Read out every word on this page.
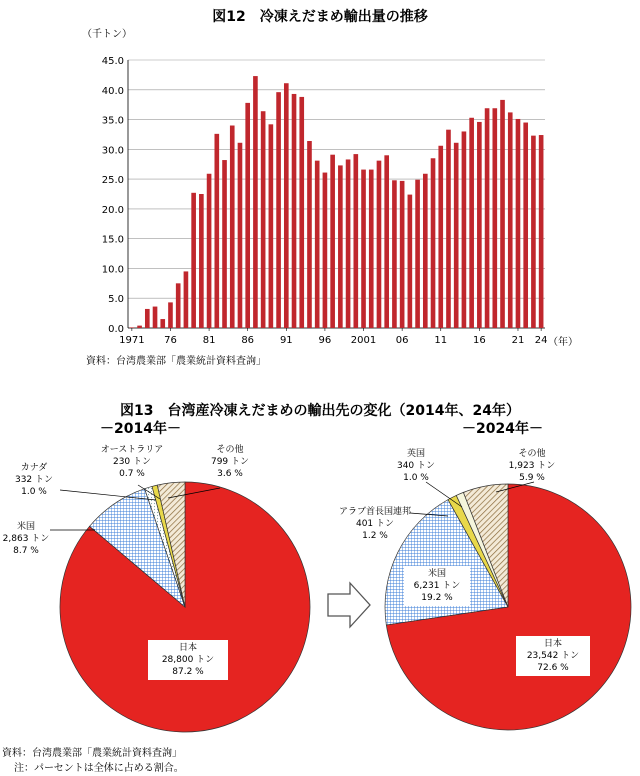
図12　冷凍えだまめ輸出量の推移
（千トン）
0.0
5.0
10.0
15.0
20.0
25.0
30.0
35.0
40.0
45.0
1971 76	81	86	91	96 2001 06	11	16	21 24 （年）
資料：台湾農業部「農業統計資料査詢」
図13　台湾産冷凍えだまめの輸出先の変化（2014年、24年）
－2014年－	－2024年－
オーストラリア
230 トン
0.7 %
その他
799 トン
3.6 %
カナダ
332 トン
1.0 %
米国
2,863 トン
8.7 %
日本
28,800 トン
87.2 %
英国
340 トン
1.0 %
その他
1,923 トン
5.9 %
アラブ首長国連邦
401 トン
1.2 %
米国
6,231 トン
19.2 %
日本
23,542 トン
72.6 %
資料：台湾農業部「農業統計資料査詢」
注：パーセントは全体に占める割合。
